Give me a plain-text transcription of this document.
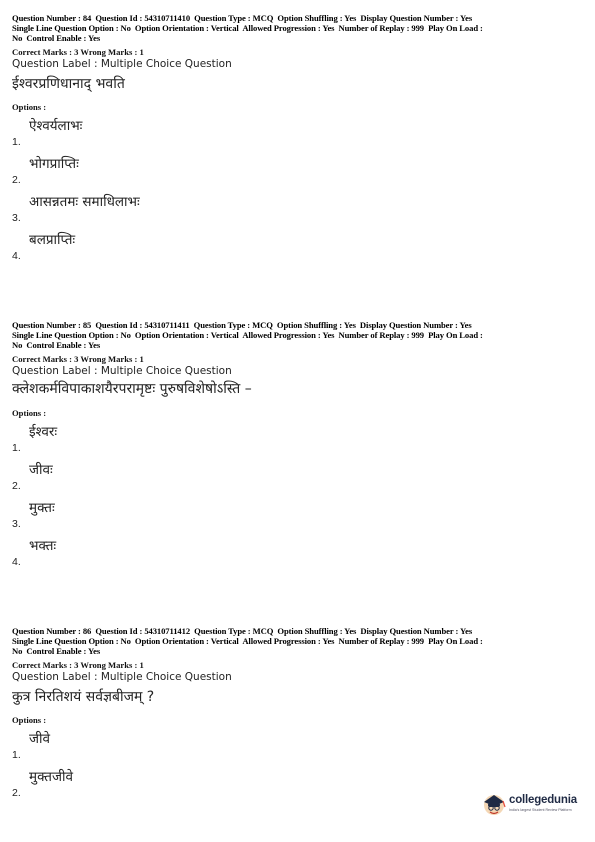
Question Number : 84  Question Id : 54310711410  Question Type : MCQ  Option Shuffling : Yes  Display Question Number : Yes
Single Line Question Option : No  Option Orientation : Vertical  Allowed Progression : Yes  Number of Replay : 999  Play On Load :
No  Control Enable : Yes
Correct Marks : 3 Wrong Marks : 1
Question Label : Multiple Choice Question
ईश्वरप्रणिधानाद् भवति
Options :
ऐश्वर्यलाभः
1.
भोगप्राप्तिः
2.
आसन्नतमः समाधिलाभः
3.
बलप्राप्तिः
4.
Question Number : 85  Question Id : 54310711411  Question Type : MCQ  Option Shuffling : Yes  Display Question Number : Yes
Single Line Question Option : No  Option Orientation : Vertical  Allowed Progression : Yes  Number of Replay : 999  Play On Load :
No  Control Enable : Yes
Correct Marks : 3 Wrong Marks : 1
Question Label : Multiple Choice Question
क्लेशकर्मविपाकाशयैरपरामृष्टः पुरुषविशेषोऽस्ति –
Options :
ईश्वरः
1.
जीवः
2.
मुक्तः
3.
भक्तः
4.
Question Number : 86  Question Id : 54310711412  Question Type : MCQ  Option Shuffling : Yes  Display Question Number : Yes
Single Line Question Option : No  Option Orientation : Vertical  Allowed Progression : Yes  Number of Replay : 999  Play On Load :
No  Control Enable : Yes
Correct Marks : 3 Wrong Marks : 1
Question Label : Multiple Choice Question
कुत्र निरतिशयं सर्वज्ञबीजम् ?
Options :
जीवे
1.
मुक्तजीवे
2.
collegedunia
India's largest Student Review Platform
